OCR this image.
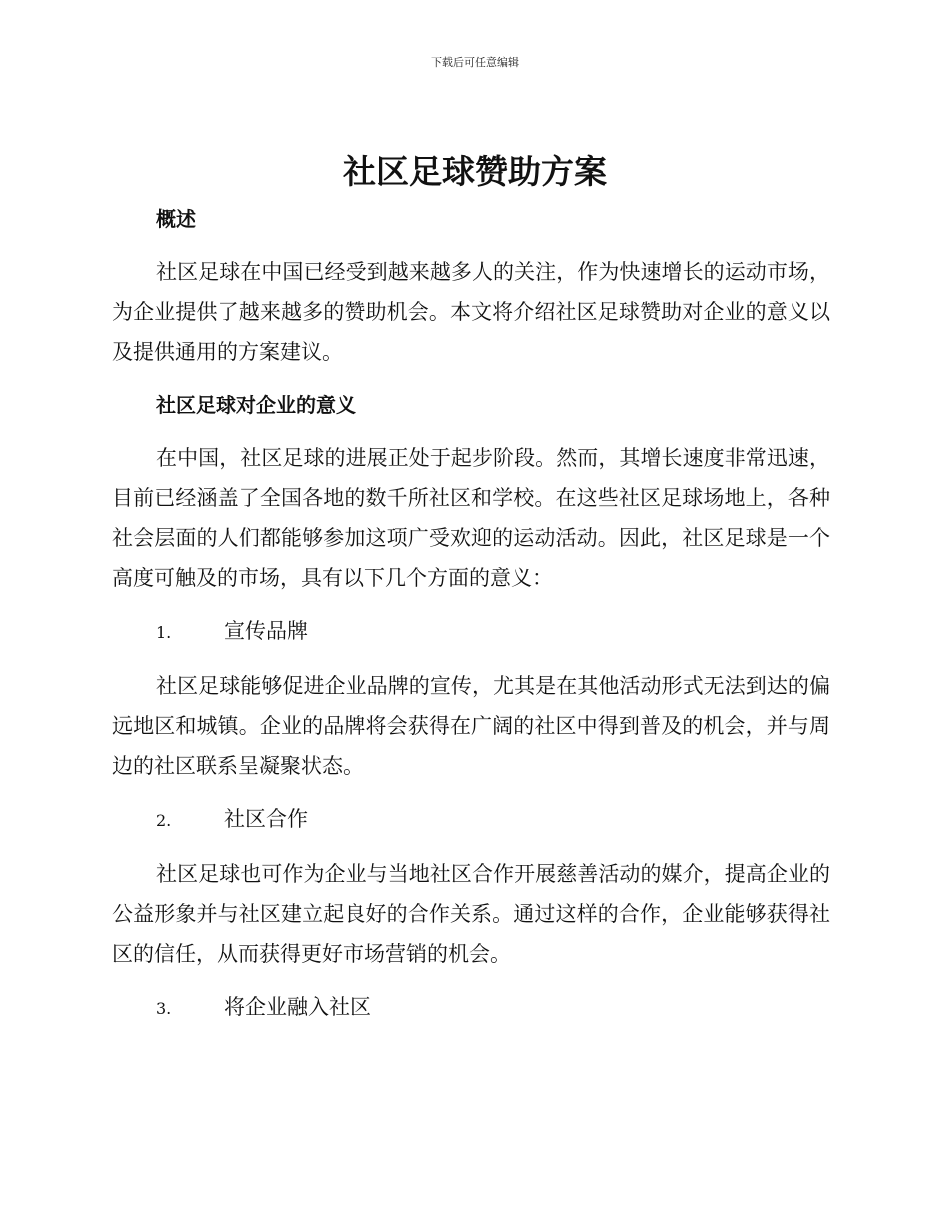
下载后可任意编辑
社区足球赞助方案

概述

社区足球在中国已经受到越来越多人的关注，作为快速增长的运动市场，为企业提供了越来越多的赞助机会。本文将介绍社区足球赞助对企业的意义以及提供通用的方案建议。

社区足球对企业的意义

在中国，社区足球的进展正处于起步阶段。然而，其增长速度非常迅速，目前已经涵盖了全国各地的数千所社区和学校。在这些社区足球场地上，各种社会层面的人们都能够参加这项广受欢迎的运动活动。因此，社区足球是一个高度可触及的市场，具有以下几个方面的意义：

1.	宣传品牌

社区足球能够促进企业品牌的宣传，尤其是在其他活动形式无法到达的偏远地区和城镇。企业的品牌将会获得在广阔的社区中得到普及的机会，并与周边的社区联系呈凝聚状态。

2.	社区合作

社区足球也可作为企业与当地社区合作开展慈善活动的媒介，提高企业的公益形象并与社区建立起良好的合作关系。通过这样的合作，企业能够获得社区的信任，从而获得更好市场营销的机会。

3.	将企业融入社区
